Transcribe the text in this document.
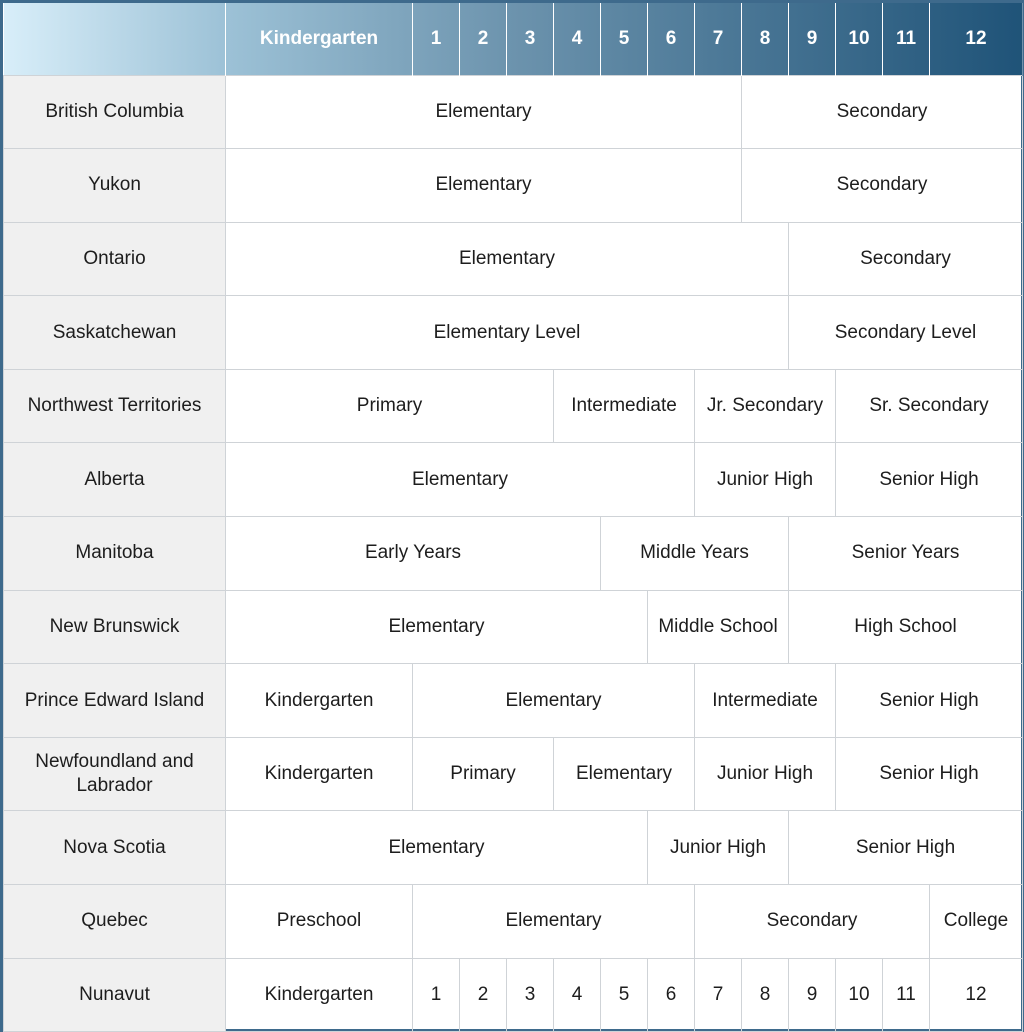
	Kindergarten	1	2	3	4	5	6	7	8	9	10	11	12
British Columbia	Elementary								Secondary				
Yukon	Elementary								Secondary				
Ontario	Elementary									Secondary			
Saskatchewan	Elementary Level									Secondary Level			
Northwest Territories	Primary				Intermediate			Jr. Secondary			Sr. Secondary		
Alberta	Elementary							Junior High			Senior High		
Manitoba	Early Years					Middle Years				Senior Years			
New Brunswick	Elementary						Middle School			High School			
Prince Edward Island	Kindergarten	Elementary						Intermediate			Senior High		
Newfoundland and Labrador	Kindergarten	Primary			Elementary			Junior High			Senior High		
Nova Scotia	Elementary						Junior High			Senior High			
Quebec	Preschool	Elementary						Secondary					College
Nunavut	Kindergarten	1	2	3	4	5	6	7	8	9	10	11	12
